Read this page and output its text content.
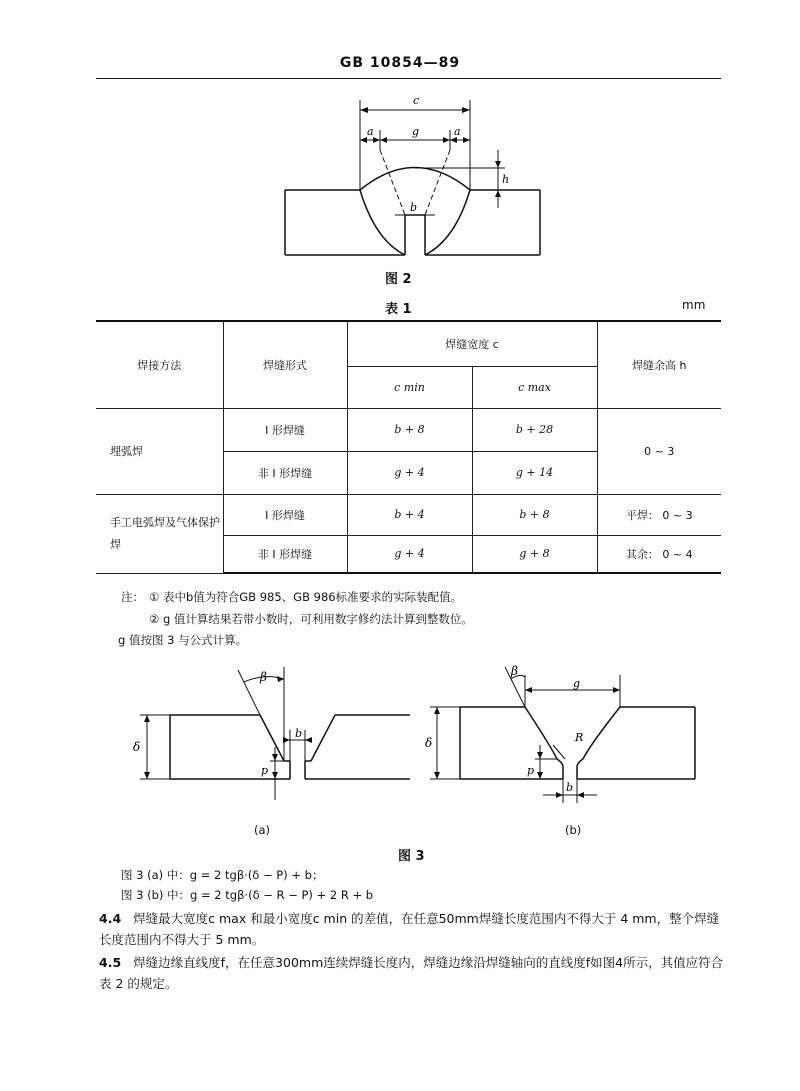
GB 10854—89
c
a	g	a
h
b
图 2
表 1	mm
焊接方法	焊缝形式	焊缝宽度 c		焊缝余高 h
		c min	c max	
埋弧焊	I 形焊缝	b + 8	b + 28	0 ~ 3
	非 I 形焊缝	g + 4	g + 14	
手工电弧焊及气体保护焊	I 形焊缝	b + 4	b + 8	平焊： 0 ~ 3
	非 I 形焊缝	g + 4	g + 8	其余： 0 ~ 4
注： ① 表中b值为符合GB 985、GB 986标准要求的实际装配值。
② g 值计算结果若带小数时，可利用数字修约法计算到整数位。
g 值按图 3 与公式计算。
β
δ
b
p
(a)
β
g
δ	R
p
b
(b)
图 3
图 3 (a) 中：g = 2 tgβ·(δ − P) + b；
图 3 (b) 中：g = 2 tgβ·(δ − R − P) + 2 R + b
4.4 焊缝最大宽度c max 和最小宽度c min 的差值，在任意50mm焊缝长度范围内不得大于 4 mm，整个焊缝长度范围内不得大于 5 mm。
4.5 焊缝边缘直线度f，在任意300mm连续焊缝长度内，焊缝边缘沿焊缝轴向的直线度f如图4所示，其值应符合表 2 的规定。
